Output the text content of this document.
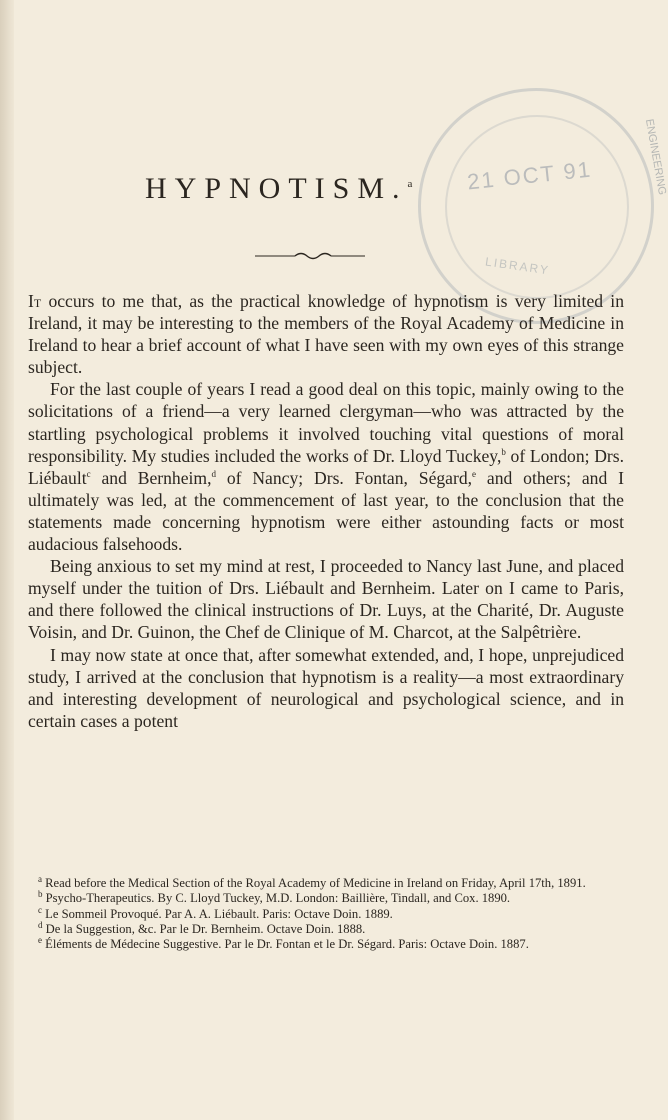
21 OCT 91
LIBRARY
ENGINEERING
HYPNOTISM.$^a$

It occurs to me that, as the practical knowledge of hypnotism is very limited in Ireland, it may be interesting to the members of the Royal Academy of Medicine in Ireland to hear a brief account of what I have seen with my own eyes of this strange subject.

For the last couple of years I read a good deal on this topic, mainly owing to the solicitations of a friend—a very learned clergyman—who was attracted by the startling psychological problems it involved touching vital questions of moral responsibility. My studies included the works of Dr. Lloyd Tuckey,$^b$ of London; Drs. Liébault$^c$ and Bernheim,$^d$ of Nancy; Drs. Fontan, Ségard,$^e$ and others; and I ultimately was led, at the commencement of last year, to the conclusion that the statements made concerning hypnotism were either astounding facts or most audacious falsehoods.

Being anxious to set my mind at rest, I proceeded to Nancy last June, and placed myself under the tuition of Drs. Liébault and Bernheim. Later on I came to Paris, and there followed the clinical instructions of Dr. Luys, at the Charité, Dr. Auguste Voisin, and Dr. Guinon, the Chef de Clinique of M. Charcot, at the Salpêtrière.

I may now state at once that, after somewhat extended, and, I hope, unprejudiced study, I arrived at the conclusion that hypnotism is a reality—a most extraordinary and interesting development of neurological and psychological science, and in certain cases a potent

$^a$ Read before the Medical Section of the Royal Academy of Medicine in Ireland on Friday, April 17th, 1891.

$^b$ Psycho-Therapeutics. By C. Lloyd Tuckey, M.D. London: Baillière, Tindall, and Cox. 1890.

$^c$ Le Sommeil Provoqué. Par A. A. Liébault. Paris: Octave Doin. 1889.

$^d$ De la Suggestion, &c. Par le Dr. Bernheim. Octave Doin. 1888.

$^e$ Éléments de Médecine Suggestive. Par le Dr. Fontan et le Dr. Ségard. Paris: Octave Doin. 1887.
